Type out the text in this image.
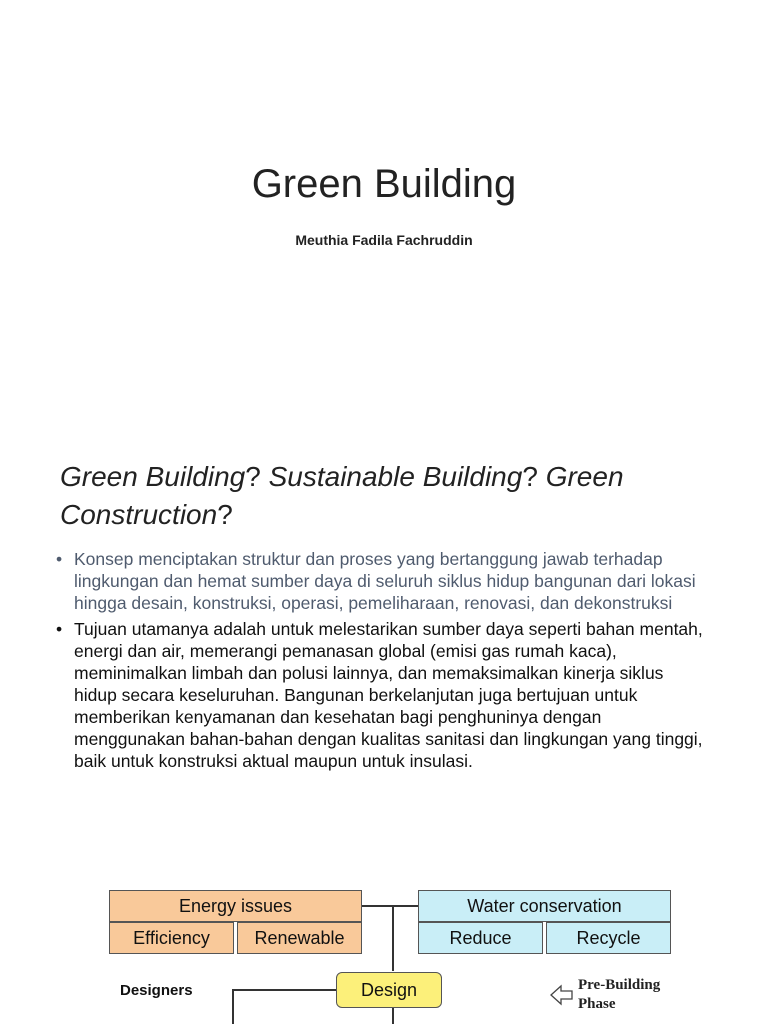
Green Building
Meuthia Fadila Fachruddin
Green Building? Sustainable Building? Green Construction?
• Konsep menciptakan struktur dan proses yang bertanggung jawab terhadap lingkungan dan hemat sumber daya di seluruh siklus hidup bangunan dari lokasi hingga desain, konstruksi, operasi, pemeliharaan, renovasi, dan dekonstruksi
• Tujuan utamanya adalah untuk melestarikan sumber daya seperti bahan mentah, energi dan air, memerangi pemanasan global (emisi gas rumah kaca), meminimalkan limbah dan polusi lainnya, dan memaksimalkan kinerja siklus hidup secara keseluruhan. Bangunan berkelanjutan juga bertujuan untuk memberikan kenyamanan dan kesehatan bagi penghuninya dengan menggunakan bahan-bahan dengan kualitas sanitasi dan lingkungan yang tinggi, baik untuk konstruksi aktual maupun untuk insulasi.
Energy issues
Efficiency	Renewable
Water conservation
Reduce	Recycle
Designers	Design	Pre-Building
Phase
